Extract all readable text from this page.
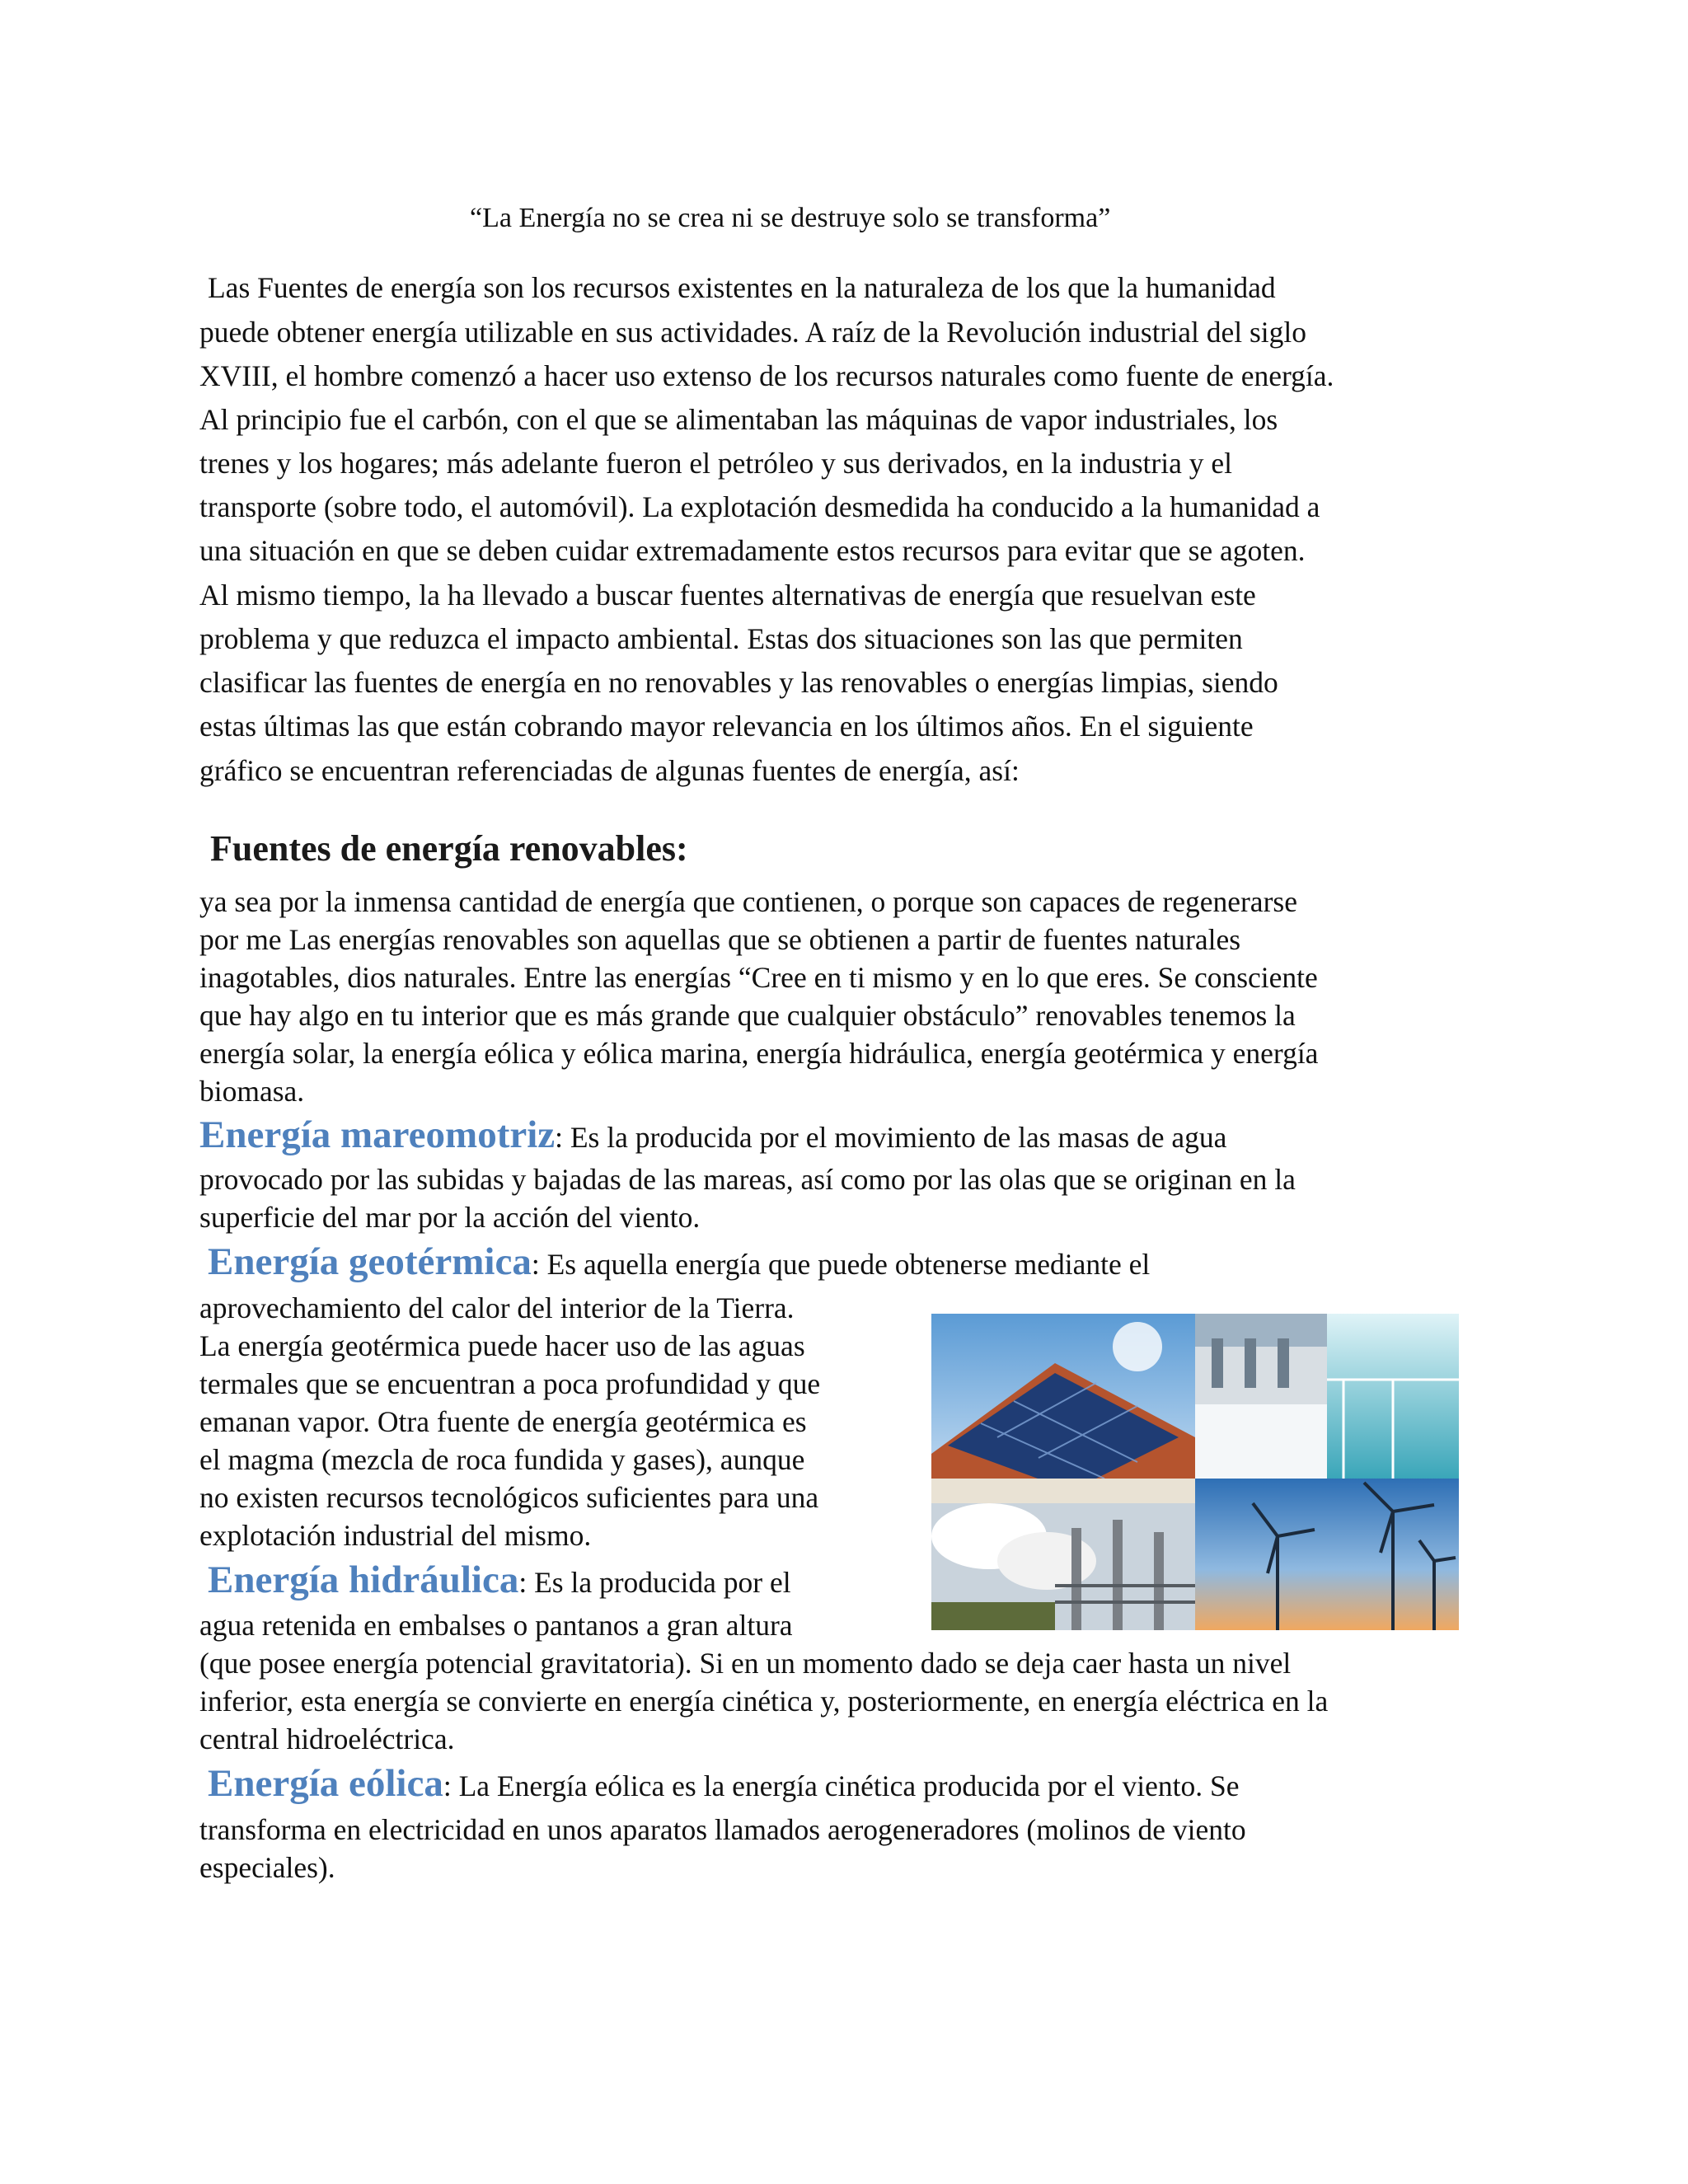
“La Energía no se crea ni se destruye solo se transforma”
Las Fuentes de energía son los recursos existentes en la naturaleza de los que la humanidad
puede obtener energía utilizable en sus actividades. A raíz de la Revolución industrial del siglo
XVIII, el hombre comenzó a hacer uso extenso de los recursos naturales como fuente de energía.
Al principio fue el carbón, con el que se alimentaban las máquinas de vapor industriales, los
trenes y los hogares; más adelante fueron el petróleo y sus derivados, en la industria y el
transporte (sobre todo, el automóvil). La explotación desmedida ha conducido a la humanidad a
una situación en que se deben cuidar extremadamente estos recursos para evitar que se agoten.
Al mismo tiempo, la ha llevado a buscar fuentes alternativas de energía que resuelvan este
problema y que reduzca el impacto ambiental. Estas dos situaciones son las que permiten
clasificar las fuentes de energía en no renovables y las renovables o energías limpias, siendo
estas últimas las que están cobrando mayor relevancia en los últimos años. En el siguiente
gráfico se encuentran referenciadas de algunas fuentes de energía, así:
Fuentes de energía renovables:
ya sea por la inmensa cantidad de energía que contienen, o porque son capaces de regenerarse
por me Las energías renovables son aquellas que se obtienen a partir de fuentes naturales
inagotables, dios naturales. Entre las energías “Cree en ti mismo y en lo que eres. Se consciente
que hay algo en tu interior que es más grande que cualquier obstáculo” renovables tenemos la
energía solar, la energía eólica y eólica marina, energía hidráulica, energía geotérmica y energía
biomasa.
Energía mareomotriz: Es la producida por el movimiento de las masas de agua
provocado por las subidas y bajadas de las mareas, así como por las olas que se originan en la
superficie del mar por la acción del viento.
Energía geotérmica: Es aquella energía que puede obtenerse mediante el
aprovechamiento del calor del interior de la Tierra.
La energía geotérmica puede hacer uso de las aguas
termales que se encuentran a poca profundidad y que
emanan vapor. Otra fuente de energía geotérmica es
el magma (mezcla de roca fundida y gases), aunque
no existen recursos tecnológicos suficientes para una
explotación industrial del mismo.
Energía hidráulica: Es la producida por el
agua retenida en embalses o pantanos a gran altura
(que posee energía potencial gravitatoria). Si en un momento dado se deja caer hasta un nivel
inferior, esta energía se convierte en energía cinética y, posteriormente, en energía eléctrica en la
central hidroeléctrica.
Energía eólica: La Energía eólica es la energía cinética producida por el viento. Se
transforma en electricidad en unos aparatos llamados aerogeneradores (molinos de viento
especiales).
